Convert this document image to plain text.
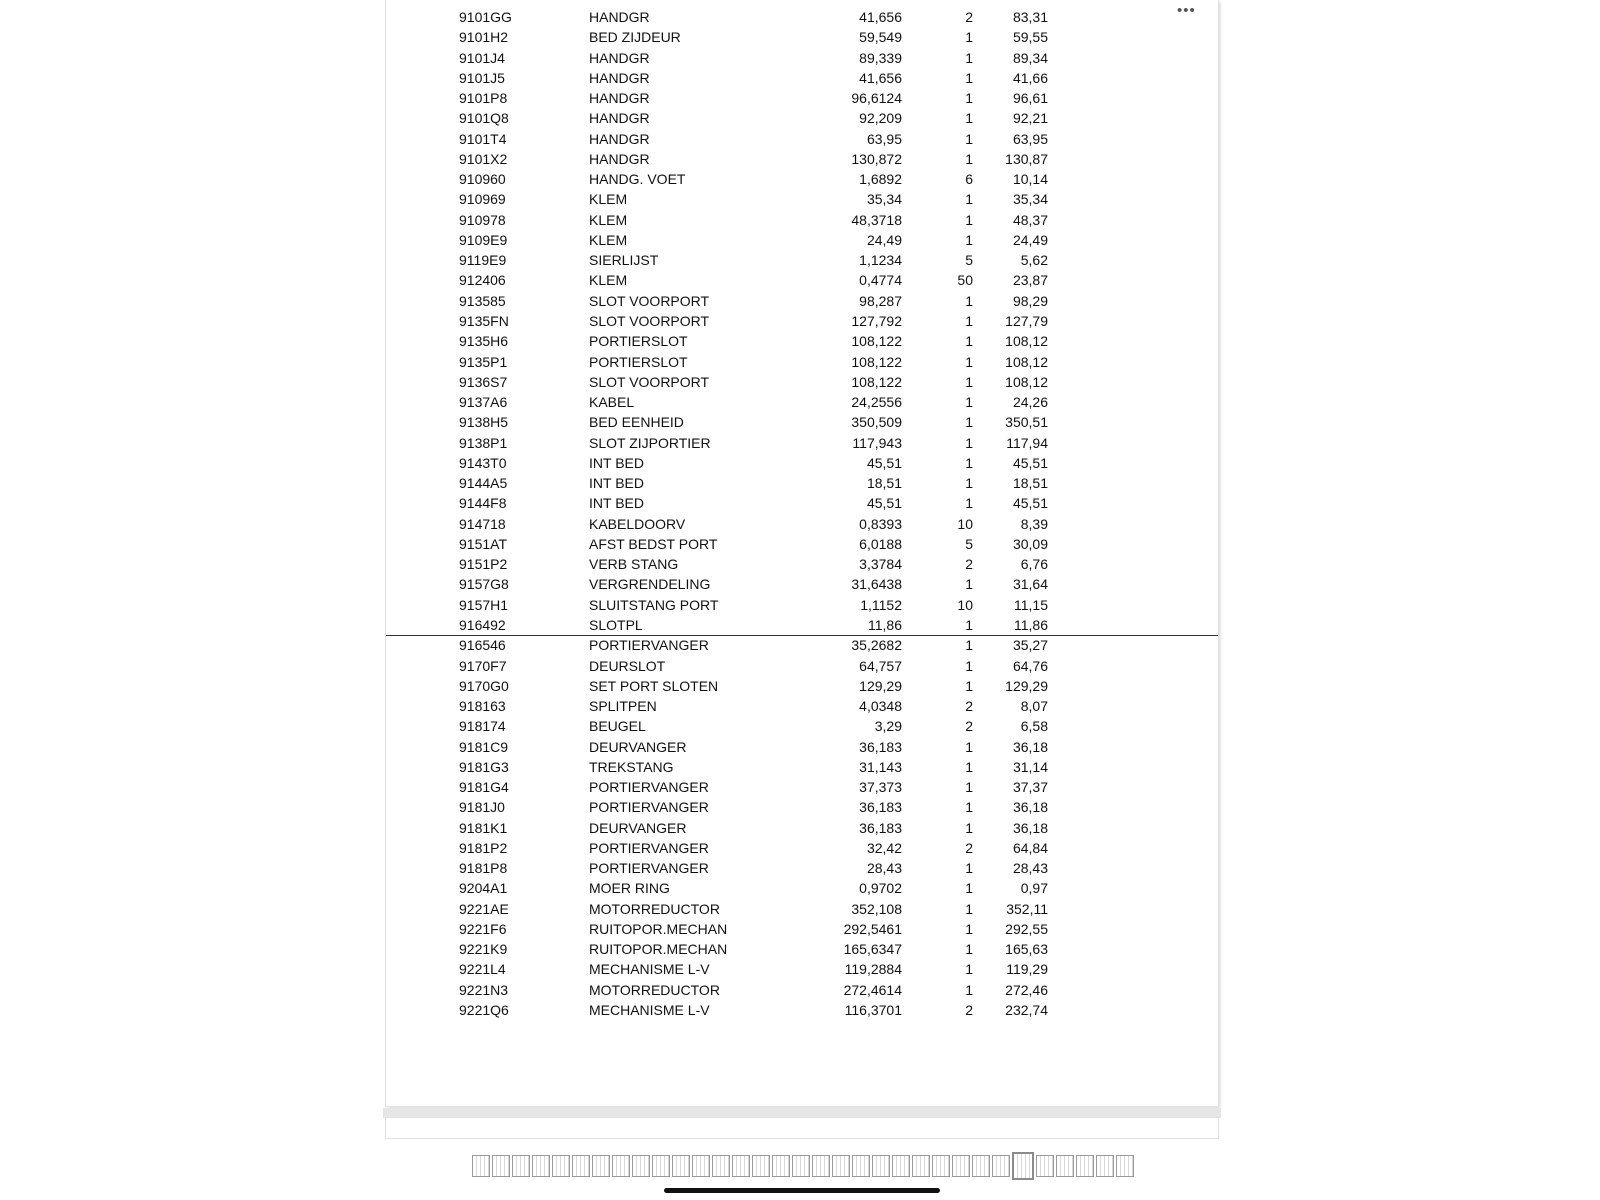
•••
9101GG	HANDGR	41,656	2	83,31
9101H2	BED ZIJDEUR	59,549	1	59,55
9101J4	HANDGR	89,339	1	89,34
9101J5	HANDGR	41,656	1	41,66
9101P8	HANDGR	96,6124	1	96,61
9101Q8	HANDGR	92,209	1	92,21
9101T4	HANDGR	63,95	1	63,95
9101X2	HANDGR	130,872	1	130,87
910960	HANDG. VOET	1,6892	6	10,14
910969	KLEM	35,34	1	35,34
910978	KLEM	48,3718	1	48,37
9109E9	KLEM	24,49	1	24,49
9119E9	SIERLIJST	1,1234	5	5,62
912406	KLEM	0,4774	50	23,87
913585	SLOT VOORPORT	98,287	1	98,29
9135FN	SLOT VOORPORT	127,792	1	127,79
9135H6	PORTIERSLOT	108,122	1	108,12
9135P1	PORTIERSLOT	108,122	1	108,12
9136S7	SLOT VOORPORT	108,122	1	108,12
9137A6	KABEL	24,2556	1	24,26
9138H5	BED EENHEID	350,509	1	350,51
9138P1	SLOT ZIJPORTIER	117,943	1	117,94
9143T0	INT BED	45,51	1	45,51
9144A5	INT BED	18,51	1	18,51
9144F8	INT BED	45,51	1	45,51
914718	KABELDOORV	0,8393	10	8,39
9151AT	AFST BEDST PORT	6,0188	5	30,09
9151P2	VERB STANG	3,3784	2	6,76
9157G8	VERGRENDELING	31,6438	1	31,64
9157H1	SLUITSTANG PORT	1,1152	10	11,15
916492	SLOTPL	11,86	1	11,86
916546	PORTIERVANGER	35,2682	1	35,27
9170F7	DEURSLOT	64,757	1	64,76
9170G0	SET PORT SLOTEN	129,29	1	129,29
918163	SPLITPEN	4,0348	2	8,07
918174	BEUGEL	3,29	2	6,58
9181C9	DEURVANGER	36,183	1	36,18
9181G3	TREKSTANG	31,143	1	31,14
9181G4	PORTIERVANGER	37,373	1	37,37
9181J0	PORTIERVANGER	36,183	1	36,18
9181K1	DEURVANGER	36,183	1	36,18
9181P2	PORTIERVANGER	32,42	2	64,84
9181P8	PORTIERVANGER	28,43	1	28,43
9204A1	MOER RING	0,9702	1	0,97
9221AE	MOTORREDUCTOR	352,108	1	352,11
9221F6	RUITOPOR.MECHAN	292,5461	1	292,55
9221K9	RUITOPOR.MECHAN	165,6347	1	165,63
9221L4	MECHANISME L-V	119,2884	1	119,29
9221N3	MOTORREDUCTOR	272,4614	1	272,46
9221Q6	MECHANISME L-V	116,3701	2	232,74
